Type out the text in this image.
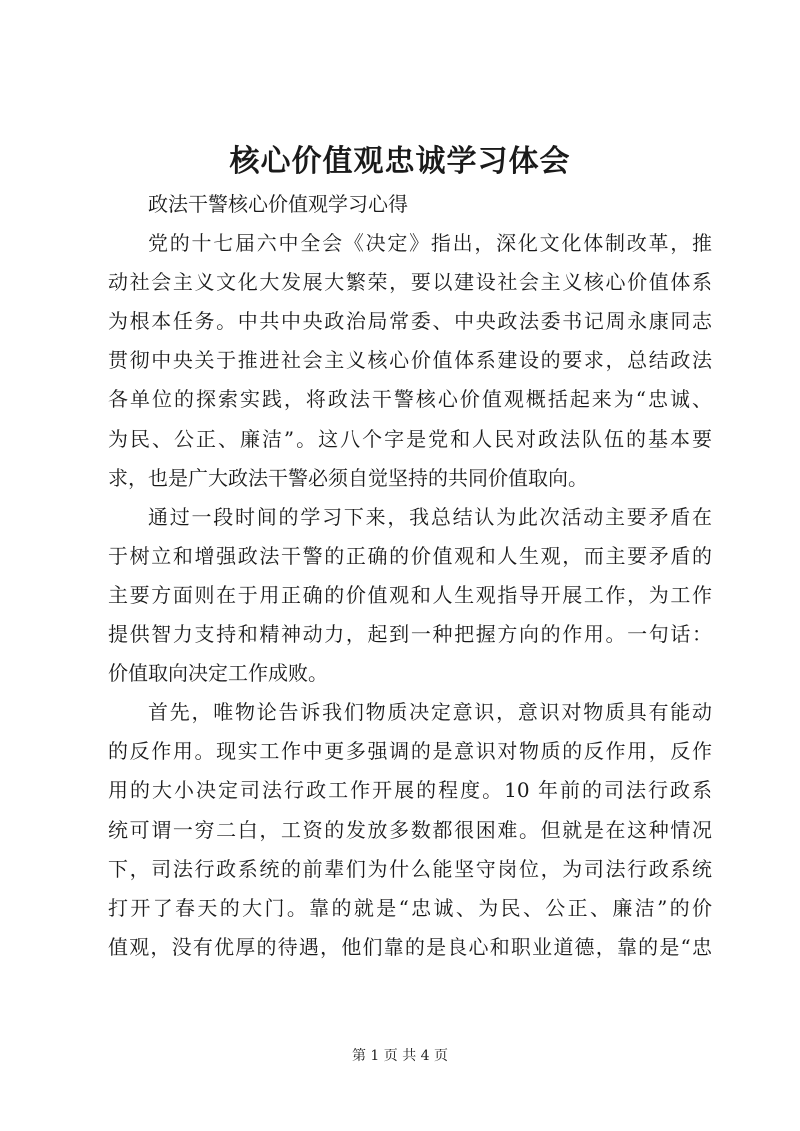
核心价值观忠诚学习体会
政法干警核心价值观学习心得
党的十七届六中全会《决定》指出，深化文化体制改革，推
动社会主义文化大发展大繁荣，要以建设社会主义核心价值体系
为根本任务。中共中央政治局常委、中央政法委书记周永康同志
贯彻中央关于推进社会主义核心价值体系建设的要求，总结政法
各单位的探索实践，将政法干警核心价值观概括起来为“忠诚、
为民、公正、廉洁”。这八个字是党和人民对政法队伍的基本要
求，也是广大政法干警必须自觉坚持的共同价值取向。
通过一段时间的学习下来，我总结认为此次活动主要矛盾在
于树立和增强政法干警的正确的价值观和人生观，而主要矛盾的
主要方面则在于用正确的价值观和人生观指导开展工作，为工作
提供智力支持和精神动力，起到一种把握方向的作用。一句话：
价值取向决定工作成败。
首先，唯物论告诉我们物质决定意识，意识对物质具有能动
的反作用。现实工作中更多强调的是意识对物质的反作用，反作
用的大小决定司法行政工作开展的程度。10 年前的司法行政系
统可谓一穷二白，工资的发放多数都很困难。但就是在这种情况
下，司法行政系统的前辈们为什么能坚守岗位，为司法行政系统
打开了春天的大门。靠的就是“忠诚、为民、公正、廉洁”的价
值观，没有优厚的待遇，他们靠的是良心和职业道德，靠的是“忠
第 1 页 共 4 页
